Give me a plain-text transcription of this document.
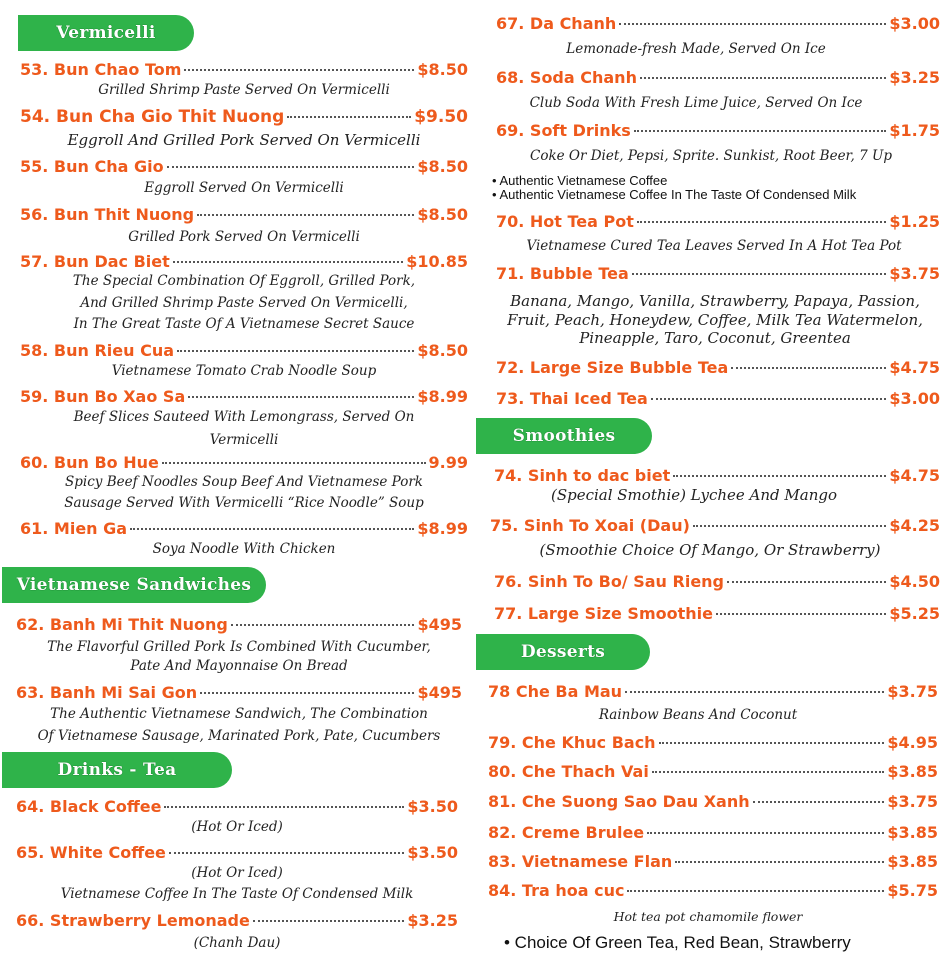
Vermicelli
53. Bun Chao Tom	$8.50
Grilled Shrimp Paste Served On Vermicelli
54. Bun Cha Gio Thit Nuong	$9.50
Eggroll And Grilled Pork Served On Vermicelli
55. Bun Cha Gio	$8.50
Eggroll Served On Vermicelli
56. Bun Thit Nuong	$8.50
Grilled Pork Served On Vermicelli
57. Bun Dac Biet	$10.85
The Special Combination Of Eggroll, Grilled Pork,
And Grilled Shrimp Paste Served On Vermicelli,
In The Great Taste Of A Vietnamese Secret Sauce
58. Bun Rieu Cua	$8.50
Vietnamese Tomato Crab Noodle Soup
59. Bun Bo Xao Sa	$8.99
Beef Slices Sauteed With Lemongrass, Served On
Vermicelli
60. Bun Bo Hue	9.99
Spicy Beef Noodles Soup Beef And Vietnamese Pork
Sausage Served With Vermicelli “Rice Noodle” Soup
61. Mien Ga	$8.99
Soya Noodle With Chicken
Vietnamese Sandwiches
62. Banh Mi Thit Nuong	$495
The Flavorful Grilled Pork Is Combined With Cucumber,
Pate And Mayonnaise On Bread
63. Banh Mi Sai Gon	$495
The Authentic Vietnamese Sandwich, The Combination
Of Vietnamese Sausage, Marinated Pork, Pate, Cucumbers
Drinks - Tea
64. Black Coffee	$3.50
(Hot Or Iced)
65. White Coffee	$3.50
(Hot Or Iced)
Vietnamese Coffee In The Taste Of Condensed Milk
66. Strawberry Lemonade	$3.25
(Chanh Dau)
67. Da Chanh	$3.00
Lemonade-fresh Made, Served On Ice
68. Soda Chanh	$3.25
Club Soda With Fresh Lime Juice, Served On Ice
69. Soft Drinks	$1.75
Coke Or Diet, Pepsi, Sprite. Sunkist, Root Beer, 7 Up
• Authentic Vietnamese Coffee
• Authentic Vietnamese Coffee In The Taste Of Condensed Milk
70. Hot Tea Pot	$1.25
Vietnamese Cured Tea Leaves Served In A Hot Tea Pot
71. Bubble Tea	$3.75
Banana, Mango, Vanilla, Strawberry, Papaya, Passion,
Fruit, Peach, Honeydew, Coffee, Milk Tea Watermelon,
Pineapple, Taro, Coconut, Greentea
72. Large Size Bubble Tea	$4.75
73. Thai Iced Tea	$3.00
Smoothies
74. Sinh to dac biet	$4.75
(Special Smothie) Lychee And Mango
75. Sinh To Xoai (Dau)	$4.25
(Smoothie Choice Of Mango, Or Strawberry)
76. Sinh To Bo/ Sau Rieng	$4.50
77. Large Size Smoothie	$5.25
Desserts
78 Che Ba Mau	$3.75
Rainbow Beans And Coconut
79. Che Khuc Bach	$4.95
80. Che Thach Vai	$3.85
81. Che Suong Sao Dau Xanh	$3.75
82. Creme Brulee	$3.85
83. Vietnamese Flan	$3.85
84. Tra hoa cuc	$5.75
Hot tea pot chamomile flower
• Choice Of Green Tea, Red Bean, Strawberry
